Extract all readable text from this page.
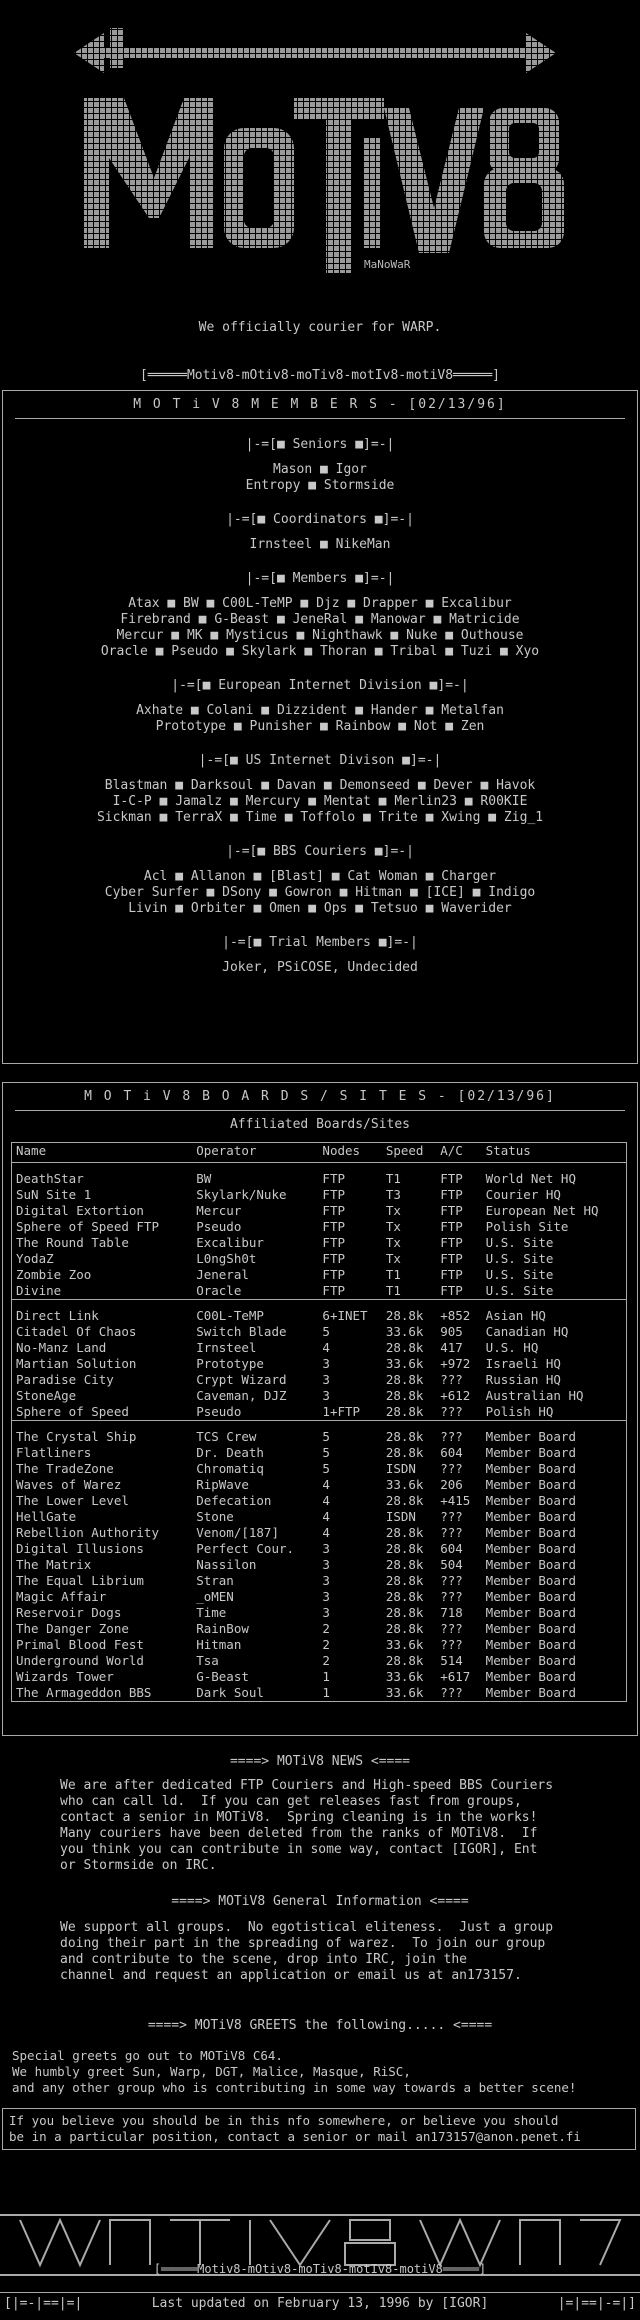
MaNoWaR
We officially courier for WARP.
[═════Motiv8-mOtiv8-moTiv8-motIv8-motiV8═════]
M O T i V 8 M E M B E R S - [02/13/96]
|-=[■ Seniors ■]=-|
Mason ■ Igor
Entropy ■ Stormside
|-=[■ Coordinators ■]=-|
Irnsteel ■ NikeMan
|-=[■ Members ■]=-|
Atax ■ BW ■ C00L-TeMP ■ Djz ■ Drapper ■ Excalibur
Firebrand ■ G-Beast ■ JeneRal ■ Manowar ■ Matricide
Mercur ■ MK ■ Mysticus ■ Nighthawk ■ Nuke ■ Outhouse
Oracle ■ Pseudo ■ Skylark ■ Thoran ■ Tribal ■ Tuzi ■ Xyo
|-=[■ European Internet Division ■]=-|
Axhate ■ Colani ■ Dizzident ■ Hander ■ Metalfan
Prototype ■ Punisher ■ Rainbow ■ Not ■ Zen
|-=[■ US Internet Divison ■]=-|
Blastman ■ Darksoul ■ Davan ■ Demonseed ■ Dever ■ Havok
I-C-P ■ Jamalz ■ Mercury ■ Mentat ■ Merlin23 ■ R00KIE
Sickman ■ TerraX ■ Time ■ Toffolo ■ Trite ■ Xwing ■ Zig_1
|-=[■ BBS Couriers ■]=-|
Acl ■ Allanon ■ [Blast] ■ Cat Woman ■ Charger
Cyber Surfer ■ DSony ■ Gowron ■ Hitman ■ [ICE] ■ Indigo
Livin ■ Orbiter ■ Omen ■ Ops ■ Tetsuo ■ Waverider
|-=[■ Trial Members ■]=-|
Joker, PSiCOSE, Undecided
M O T i V 8 B O A R D S / S I T E S - [02/13/96]
Affiliated Boards/Sites
Name	Operator	Nodes	Speed	A/C	Status

DeathStar	BW	FTP	T1	FTP	World Net HQ
SuN Site 1	Skylark/Nuke	FTP	T3	FTP	Courier HQ
Digital Extortion	Mercur	FTP	Tx	FTP	European Net HQ
Sphere of Speed FTP	Pseudo	FTP	Tx	FTP	Polish Site
The Round Table	Excalibur	FTP	Tx	FTP	U.S. Site
YodaZ	L0ngSh0t	FTP	Tx	FTP	U.S. Site
Zombie Zoo	Jeneral	FTP	T1	FTP	U.S. Site
Divine	Oracle	FTP	T1	FTP	U.S. Site

Direct Link	C00L-TeMP	6+INET	28.8k	+852	Asian HQ
Citadel Of Chaos	Switch Blade	5	33.6k	905	Canadian HQ
No-Manz Land	Irnsteel	4	28.8k	417	U.S. HQ
Martian Solution	Prototype	3	33.6k	+972	Israeli HQ
Paradise City	Crypt Wizard	3	28.8k	???	Russian HQ
StoneAge	Caveman, DJZ	3	28.8k	+612	Australian HQ
Sphere of Speed	Pseudo	1+FTP	28.8k	???	Polish HQ

The Crystal Ship	TCS Crew	5	28.8k	???	Member Board
Flatliners	Dr. Death	5	28.8k	604	Member Board
The TradeZone	Chromatiq	5	ISDN	???	Member Board
Waves of Warez	RipWave	4	33.6k	206	Member Board
The Lower Level	Defecation	4	28.8k	+415	Member Board
HellGate	Stone	4	ISDN	???	Member Board
Rebellion Authority	Venom/[187]	4	28.8k	???	Member Board
Digital Illusions	Perfect Cour.	3	28.8k	604	Member Board
The Matrix	Nassilon	3	28.8k	504	Member Board
The Equal Librium	Stran	3	28.8k	???	Member Board
Magic Affair	_oMEN	3	28.8k	???	Member Board
Reservoir Dogs	Time	3	28.8k	718	Member Board
The Danger Zone	RainBow	2	28.8k	???	Member Board
Primal Blood Fest	Hitman	2	33.6k	???	Member Board
Underground World	Tsa	2	28.8k	514	Member Board
Wizards Tower	G-Beast	1	33.6k	+617	Member Board
The Armageddon BBS	Dark Soul	1	33.6k	???	Member Board
====> MOTiV8 NEWS <====
We are after dedicated FTP Couriers and High-speed BBS Couriers
who can call ld.  If you can get releases fast from groups,
contact a senior in MOTiV8.  Spring cleaning is in the works!
Many couriers have been deleted from the ranks of MOTiV8.  If
you think you can contribute in some way, contact [IGOR], Ent
or Stormside on IRC.
====> MOTiV8 General Information <====
We support all groups.  No egotistical eliteness.  Just a group
doing their part in the spreading of warez.  To join our group
and contribute to the scene, drop into IRC, join the
channel and request an application or email us at an173157.
====> MOTiV8 GREETS the following..... <====
Special greets go out to MOTiV8 C64.
We humbly greet Sun, Warp, DGT, Malice, Masque, RiSC,
and any other group who is contributing in some way towards a better scene!
If you believe you should be in this nfo somewhere, or believe you should
be in a particular position, contact a senior or mail an173157@anon.penet.fi
[═════Motiv8-mOtiv8-moTiv8-motIv8-motiV8═════]
[|=-|==|=|	Last updated on February 13, 1996 by [IGOR]	|=|==|-=|]
